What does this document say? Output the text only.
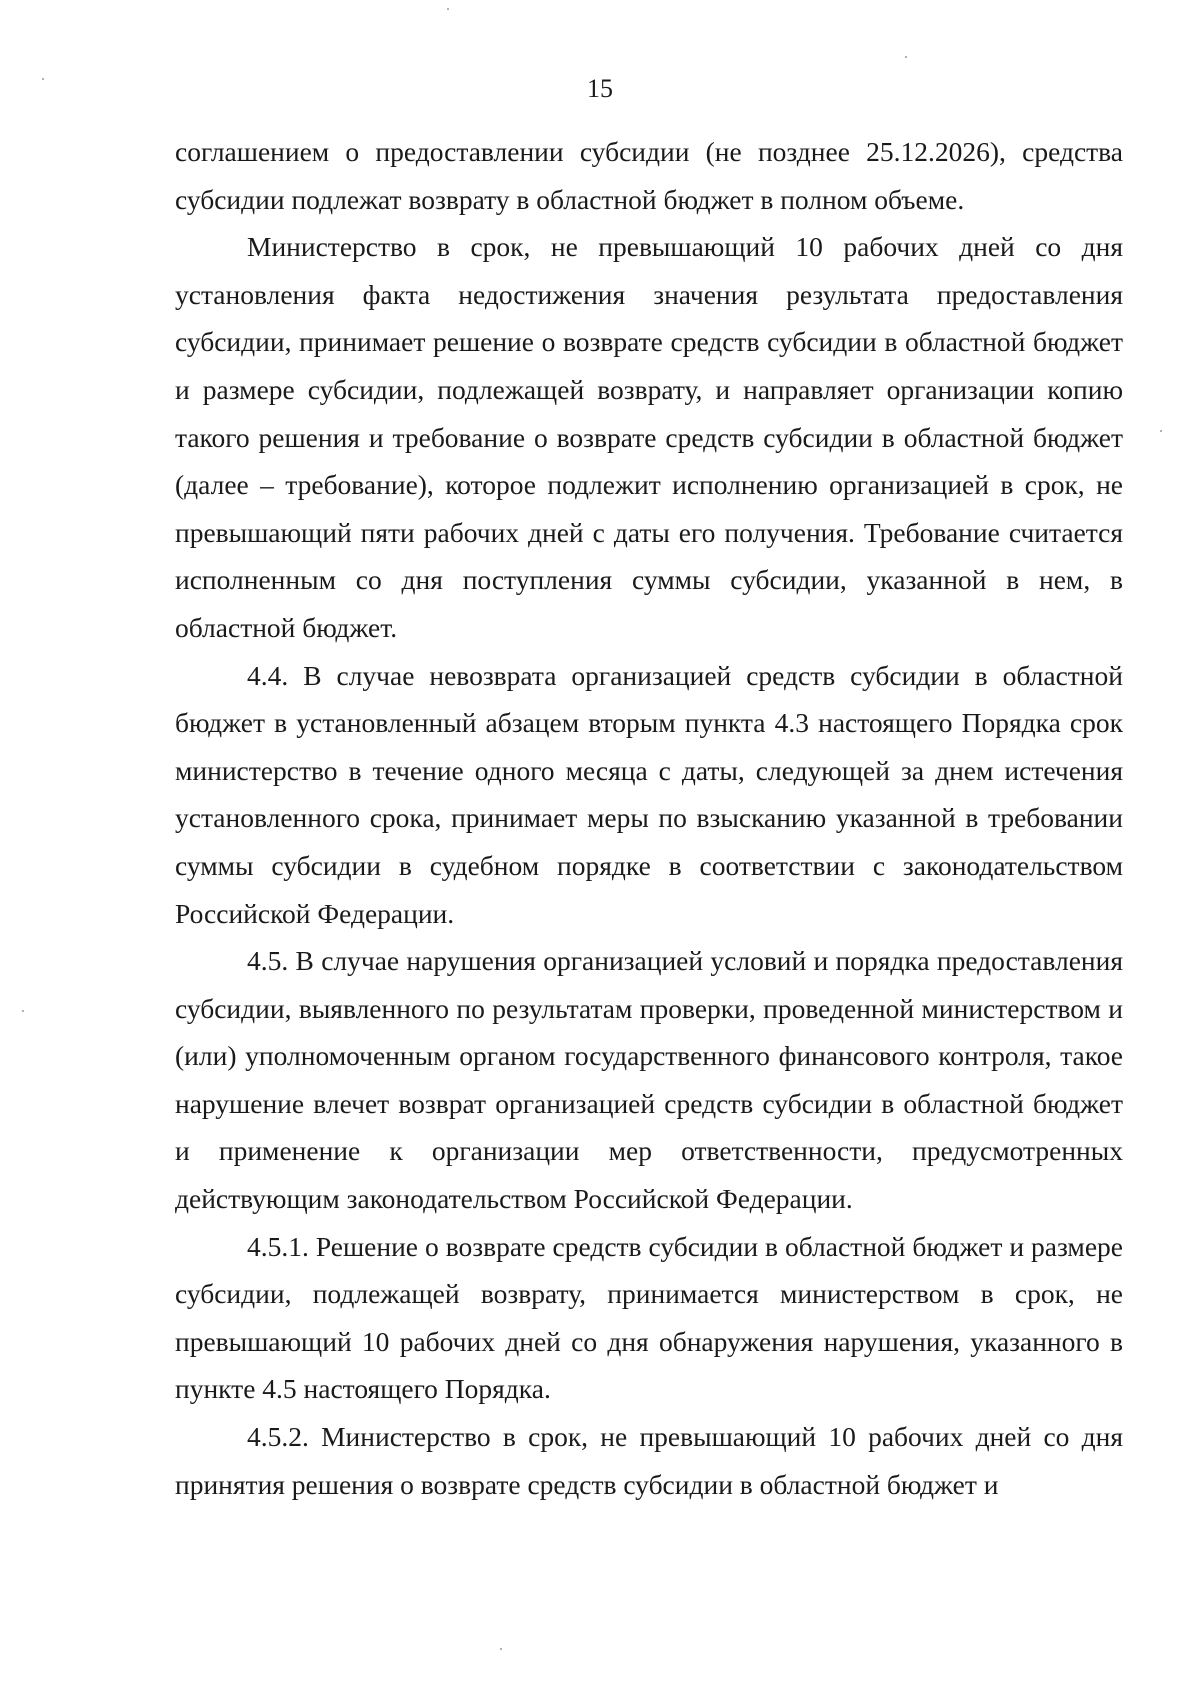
15

соглашением о предоставлении субсидии (не позднее 25.12.2026), средства субсидии подлежат возврату в областной бюджет в полном объеме.

Министерство в срок, не превышающий 10 рабочих дней со дня установления факта недостижения значения результата предоставления субсидии, принимает решение о возврате средств субсидии в областной бюджет и размере субсидии, подлежащей возврату, и направляет организации копию такого решения и требование о возврате средств субсидии в областной бюджет (далее – требование), которое подлежит исполнению организацией в срок, не превышающий пяти рабочих дней с даты его получения. Требование считается исполненным со дня поступления суммы субсидии, указанной в нем, в областной бюджет.

4.4. В случае невозврата организацией средств субсидии в областной бюджет в установленный абзацем вторым пункта 4.3 настоящего Порядка срок министерство в течение одного месяца с даты, следующей за днем истечения установленного срока, принимает меры по взысканию указанной в требовании суммы субсидии в судебном порядке в соответствии с законодательством Российской Федерации.

4.5. В случае нарушения организацией условий и порядка предоставления субсидии, выявленного по результатам проверки, проведенной министерством и (или) уполномоченным органом государственного финансового контроля, такое нарушение влечет возврат организацией средств субсидии в областной бюджет и применение к организации мер ответственности, предусмотренных действующим законодательством Российской Федерации.

4.5.1. Решение о возврате средств субсидии в областной бюджет и размере субсидии, подлежащей возврату, принимается министерством в срок, не превышающий 10 рабочих дней со дня обнаружения нарушения, указанного в пункте 4.5 настоящего Порядка.

4.5.2. Министерство в срок, не превышающий 10 рабочих дней со дня принятия решения о возврате средств субсидии в областной бюджет и
